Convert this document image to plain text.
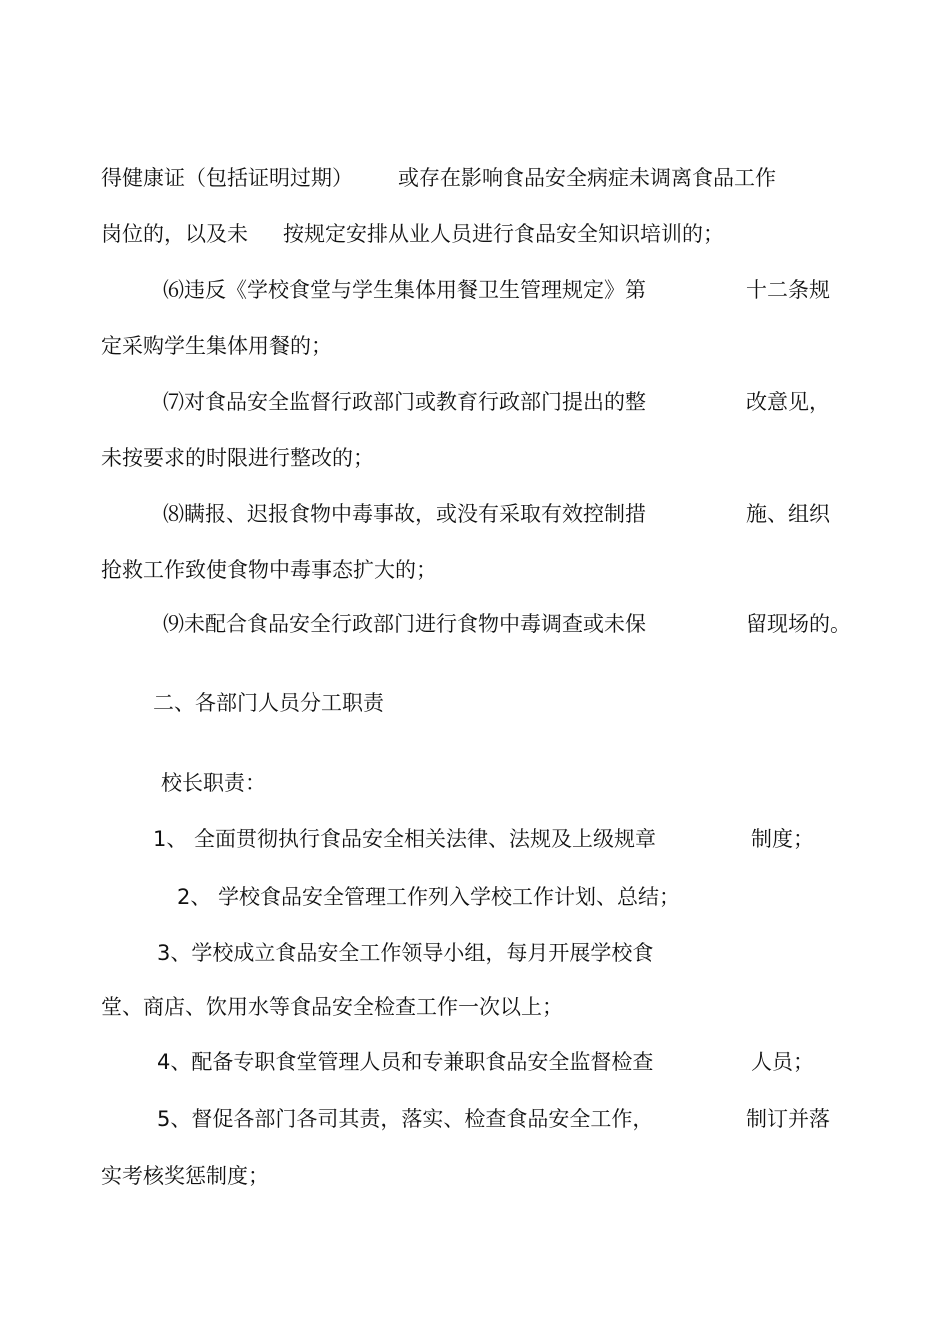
得健康证（包括证明过期） 或存在影响食品安全病症未调离食品工作
岗位的，以及未 按规定安排从业人员进行食品安全知识培训的；
⑹违反《学校食堂与学生集体用餐卫生管理规定》第	十二条规
定采购学生集体用餐的；
⑺对食品安全监督行政部门或教育行政部门提出的整	改意见，
未按要求的时限进行整改的；
⑻瞒报、迟报食物中毒事故，或没有采取有效控制措	施、组织
抢救工作致使食物中毒事态扩大的；
⑼未配合食品安全行政部门进行食物中毒调查或未保	留现场的。
二、各部门人员分工职责
校长职责：
1、 全面贯彻执行食品安全相关法律、法规及上级规章	制度；
2、 学校食品安全管理工作列入学校工作计划、总结；
3、学校成立食品安全工作领导小组，每月开展学校食
堂、商店、饮用水等食品安全检查工作一次以上；
4、配备专职食堂管理人员和专兼职食品安全监督检查	人员；
5、督促各部门各司其责，落实、检查食品安全工作，	制订并落
实考核奖惩制度；
